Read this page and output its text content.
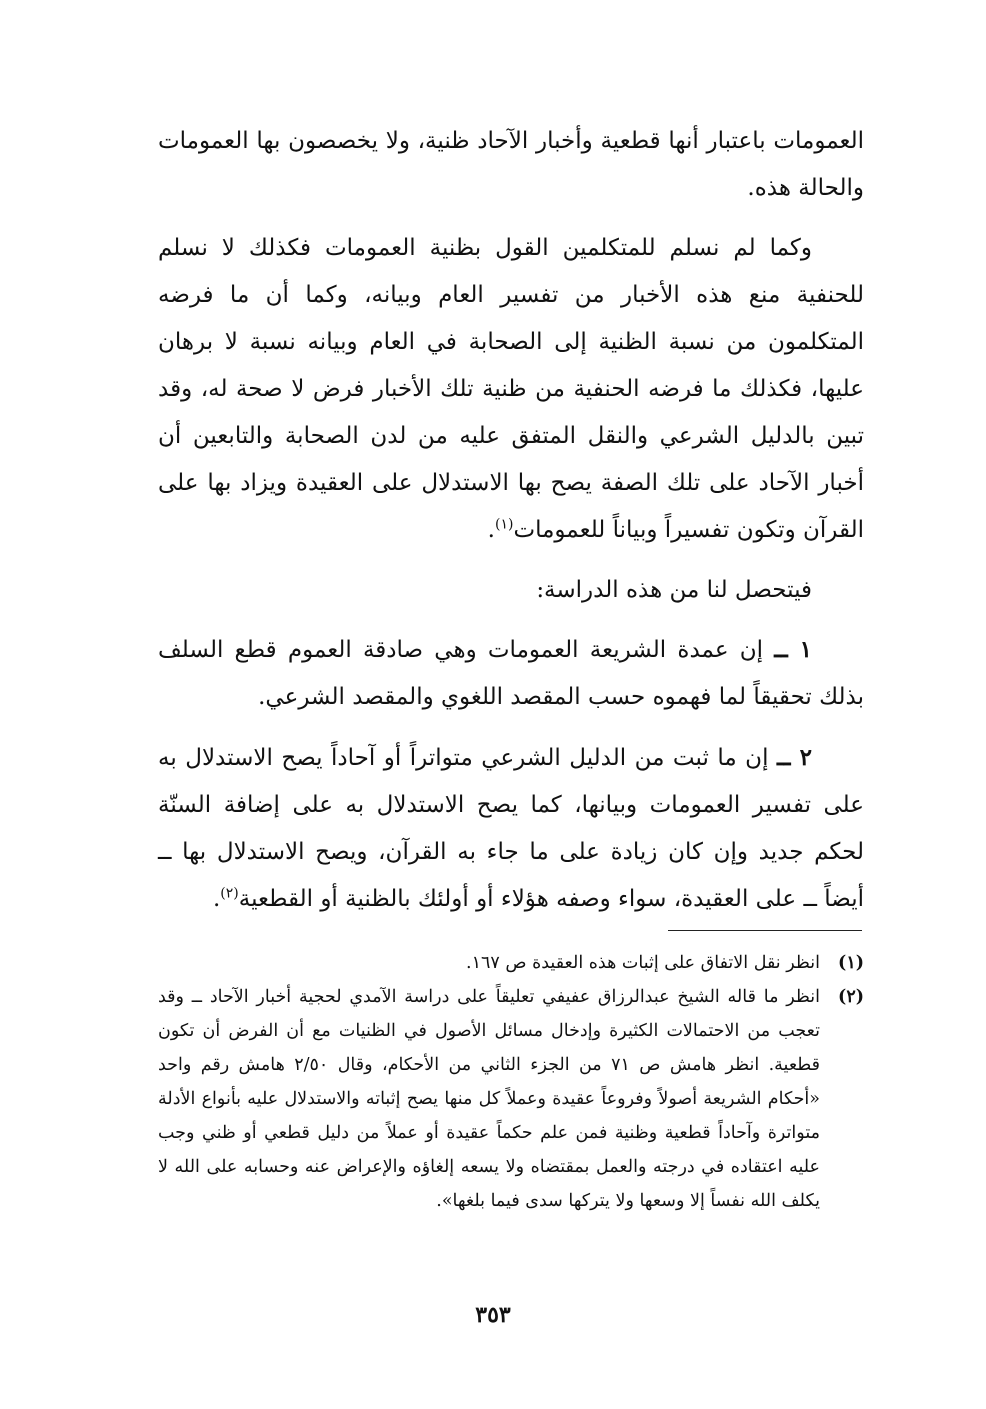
العمومات باعتبار أنها قطعية وأخبار الآحاد ظنية، ولا يخصصون بها العمومات والحالة هذه.

وكما لم نسلم للمتكلمين القول بظنية العمومات فكذلك لا نسلم للحنفية منع هذه الأخبار من تفسير العام وبيانه، وكما أن ما فرضه المتكلمون من نسبة الظنية إلى الصحابة في العام وبيانه نسبة لا برهان عليها، فكذلك ما فرضه الحنفية من ظنية تلك الأخبار فرض لا صحة له، وقد تبين بالدليل الشرعي والنقل المتفق عليه من لدن الصحابة والتابعين أن أخبار الآحاد على تلك الصفة يصح بها الاستدلال على العقيدة ويزاد بها على القرآن وتكون تفسيراً وبياناً للعمومات$^{(١)}$.

فيتحصل لنا من هذه الدراسة:

١ ــ إن عمدة الشريعة العمومات وهي صادقة العموم قطع السلف بذلك تحقيقاً لما فهموه حسب المقصد اللغوي والمقصد الشرعي.

٢ ــ إن ما ثبت من الدليل الشرعي متواتراً أو آحاداً يصح الاستدلال به على تفسير العمومات وبيانها، كما يصح الاستدلال به على إضافة السنّة لحكم جديد وإن كان زيادة على ما جاء به القرآن، ويصح الاستدلال بها ــ أيضاً ــ على العقيدة، سواء وصفه هؤلاء أو أولئك بالظنية أو القطعية$^{(٢)}$.

(١)
انظر نقل الاتفاق على إثبات هذه العقيدة ص ١٦٧.
(٢)
انظر ما قاله الشيخ عبدالرزاق عفيفي تعليقاً على دراسة الآمدي لحجية أخبار الآحاد ــ وقد تعجب من الاحتمالات الكثيرة وإدخال مسائل الأصول في الظنيات مع أن الفرض أن تكون قطعية. انظر هامش ص ٧١ من الجزء الثاني من الأحكام، وقال ٢/٥٠ هامش رقم واحد «أحكام الشريعة أصولاً وفروعاً عقيدة وعملاً كل منها يصح إثباته والاستدلال عليه بأنواع الأدلة متواترة وآحاداً قطعية وظنية فمن علم حكماً عقيدة أو عملاً من دليل قطعي أو ظني وجب عليه اعتقاده في درجته والعمل بمقتضاه ولا يسعه إلغاؤه والإعراض عنه وحسابه على الله لا يكلف الله نفساً إلا وسعها ولا يتركها سدى فيما بلغها».
٣٥٣
